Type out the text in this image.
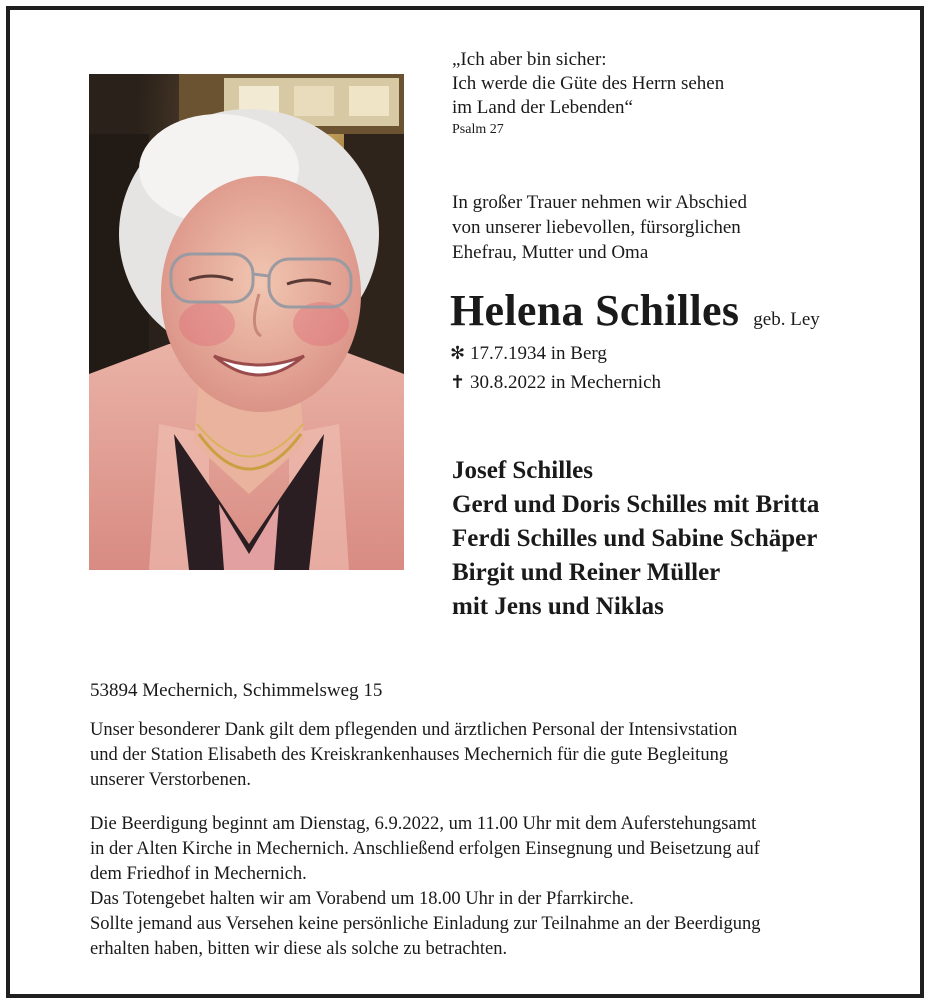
„Ich aber bin sicher:
Ich werde die Güte des Herrn sehen
im Land der Lebenden“
Psalm 27
In großer Trauer nehmen wir Abschied
von unserer liebevollen, fürsorglichen
Ehefrau, Mutter und Oma
Helena Schilles geb. Ley
✻ 17.7.1934 in Berg
✝ 30.8.2022 in Mechernich
Josef Schilles
Gerd und Doris Schilles mit Britta
Ferdi Schilles und Sabine Schäper
Birgit und Reiner Müller
mit Jens und Niklas
53894 Mechernich, Schimmelsweg 15
Unser besonderer Dank gilt dem pflegenden und ärztlichen Personal der Intensivstation
und der Station Elisabeth des Kreiskrankenhauses Mechernich für die gute Begleitung
unserer Verstorbenen.
Die Beerdigung beginnt am Dienstag, 6.9.2022, um 11.00 Uhr mit dem Auferstehungsamt
in der Alten Kirche in Mechernich. Anschließend erfolgen Einsegnung und Beisetzung auf
dem Friedhof in Mechernich.
Das Totengebet halten wir am Vorabend um 18.00 Uhr in der Pfarrkirche.
Sollte jemand aus Versehen keine persönliche Einladung zur Teilnahme an der Beerdigung
erhalten haben, bitten wir diese als solche zu betrachten.
